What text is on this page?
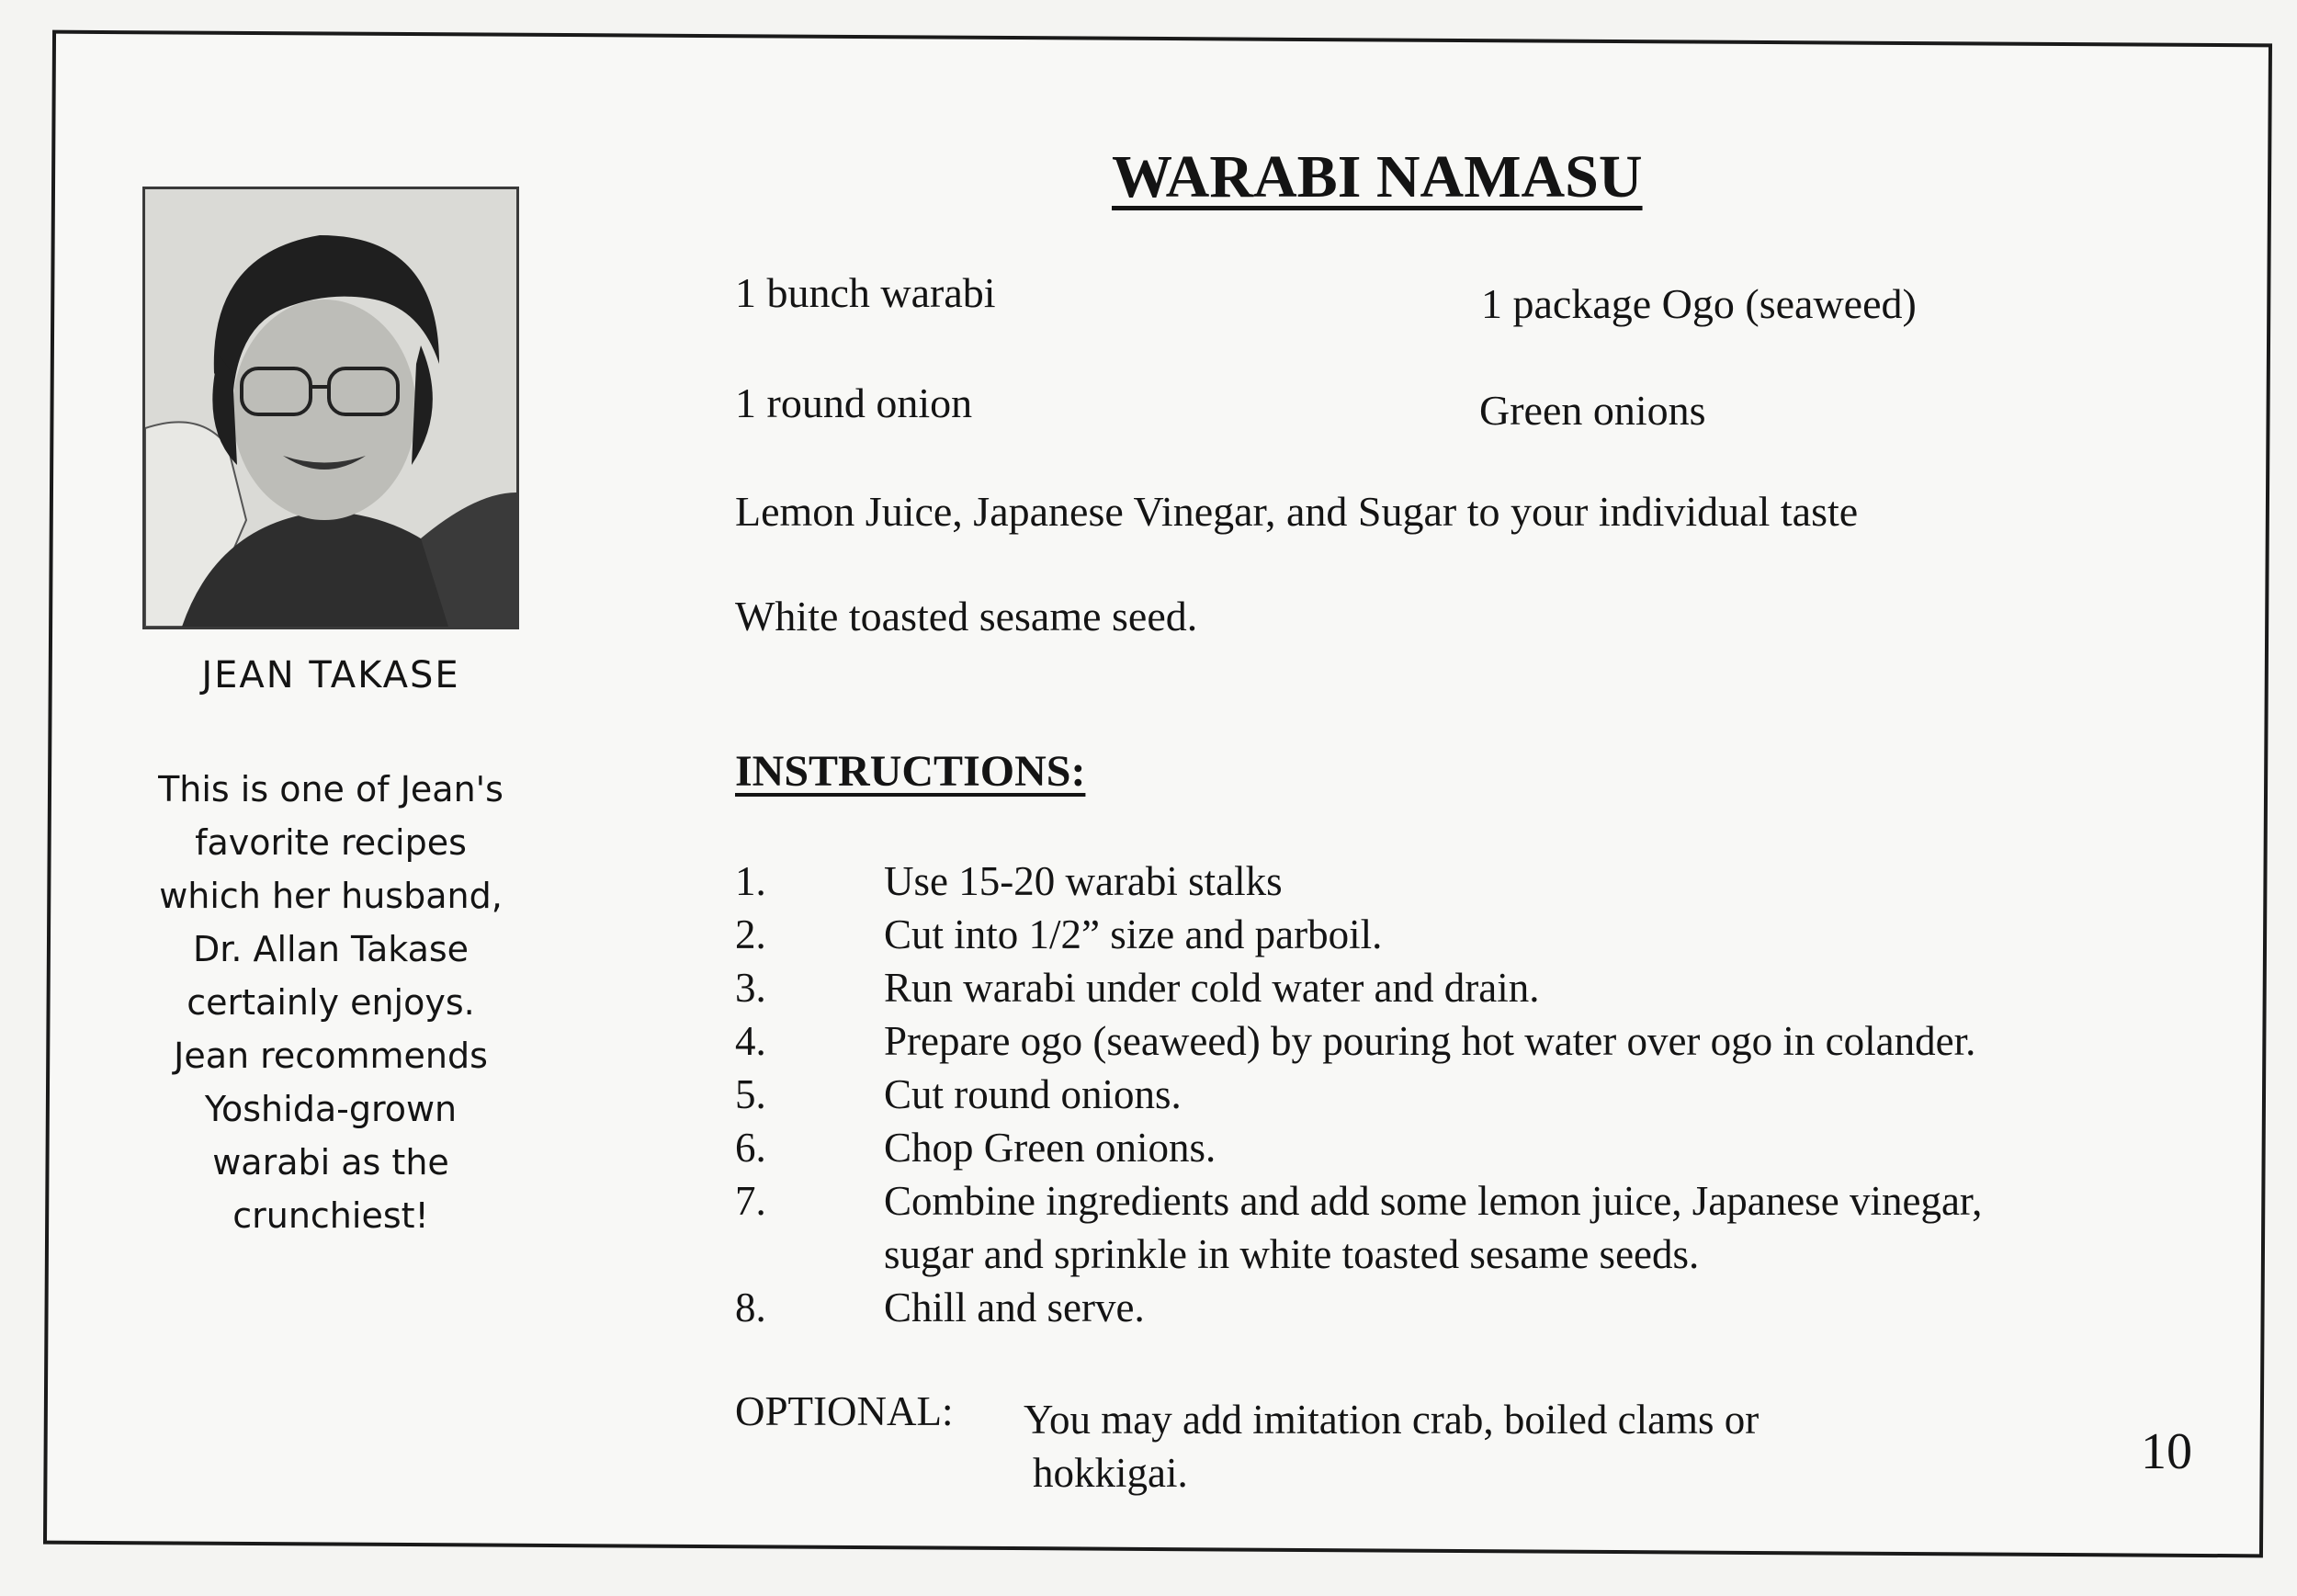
JEAN TAKASE
This is one of Jean's
favorite recipes
which her husband,
Dr. Allan Takase
certainly enjoys.
Jean recommends
Yoshida-grown
warabi as the
crunchiest!
WARABI NAMASU
1 bunch warabi	1 package Ogo (seaweed)
1 round onion	Green onions
Lemon Juice, Japanese Vinegar, and Sugar to your individual taste
White toasted sesame seed.
INSTRUCTIONS:
1.	Use 15-20 warabi stalks
2.	Cut into 1/2” size and parboil.
3.	Run warabi under cold water and drain.
4.	Prepare ogo (seaweed) by pouring hot water over ogo in colander.
5.	Cut round onions.
6.	Chop Green onions.
7.	Combine ingredients and add some lemon juice, Japanese vinegar, sugar and sprinkle in white toasted sesame seeds.
8.	Chill and serve.
OPTIONAL: You may add imitation crab, boiled clams or
hokkigai.	10
